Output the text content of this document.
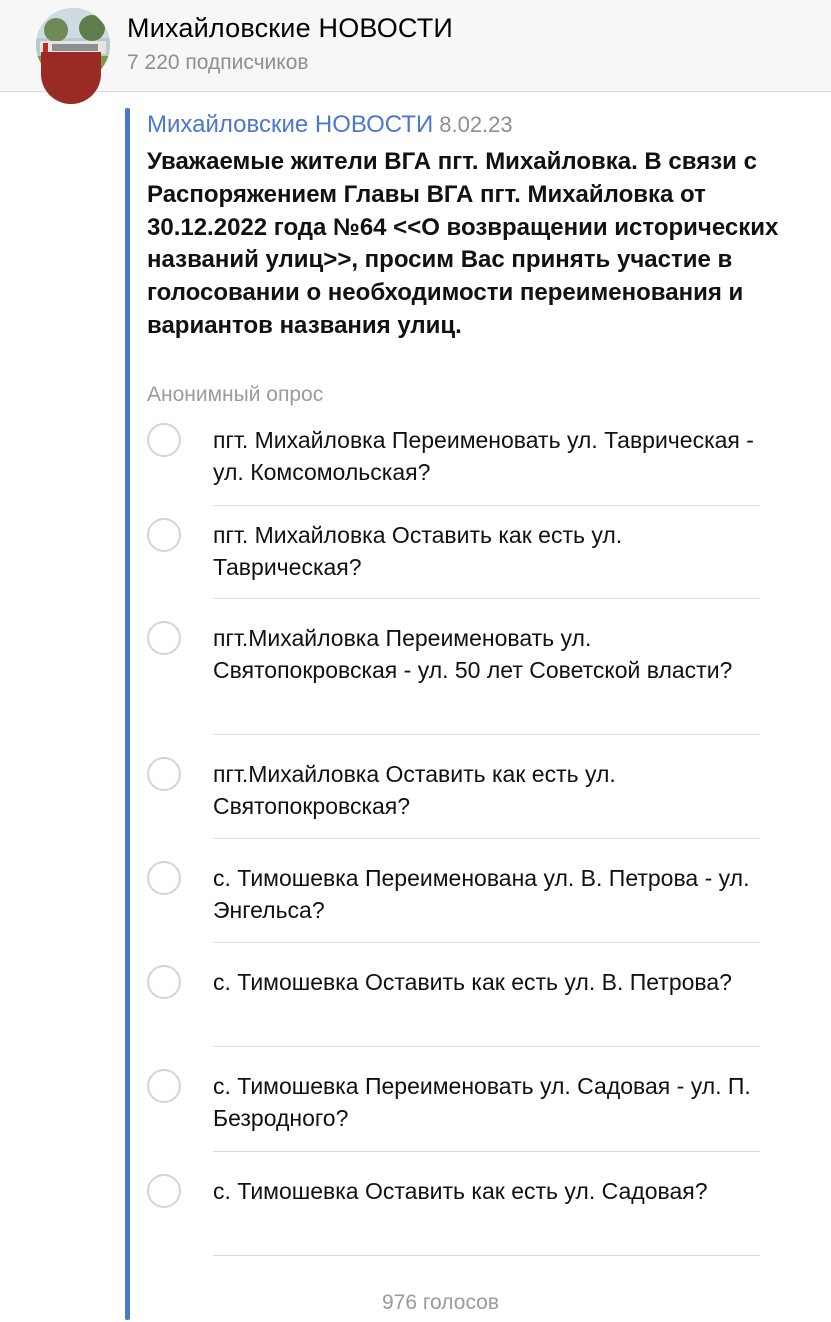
Михайловские НОВОСТИ
7 220 подписчиков
Михайловские НОВОСТИ 8.02.23
Уважаемые жители ВГА пгт. Михайловка. В связи с Распоряжением Главы ВГА пгт. Михайловка от 30.12.2022 года №64 <<О возвращении исторических названий улиц>>, просим Вас принять участие в голосовании о необходимости переименования и вариантов названия улиц.
Анонимный опрос
пгт. Михайловка Переименовать ул. Таврическая - ул. Комсомольская?
пгт. Михайловка Оставить как есть ул. Таврическая?
пгт.Михайловка Переименовать ул. Святопокровская - ул. 50 лет Советской власти?
пгт.Михайловка Оставить как есть ул. Святопокровская?
с. Тимошевка Переименована ул. В. Петрова - ул. Энгельса?
с. Тимошевка Оставить как есть ул. В. Петрова?
с. Тимошевка Переименовать ул. Садовая - ул. П. Безродного?
с. Тимошевка Оставить как есть ул. Садовая?
976 голосов
